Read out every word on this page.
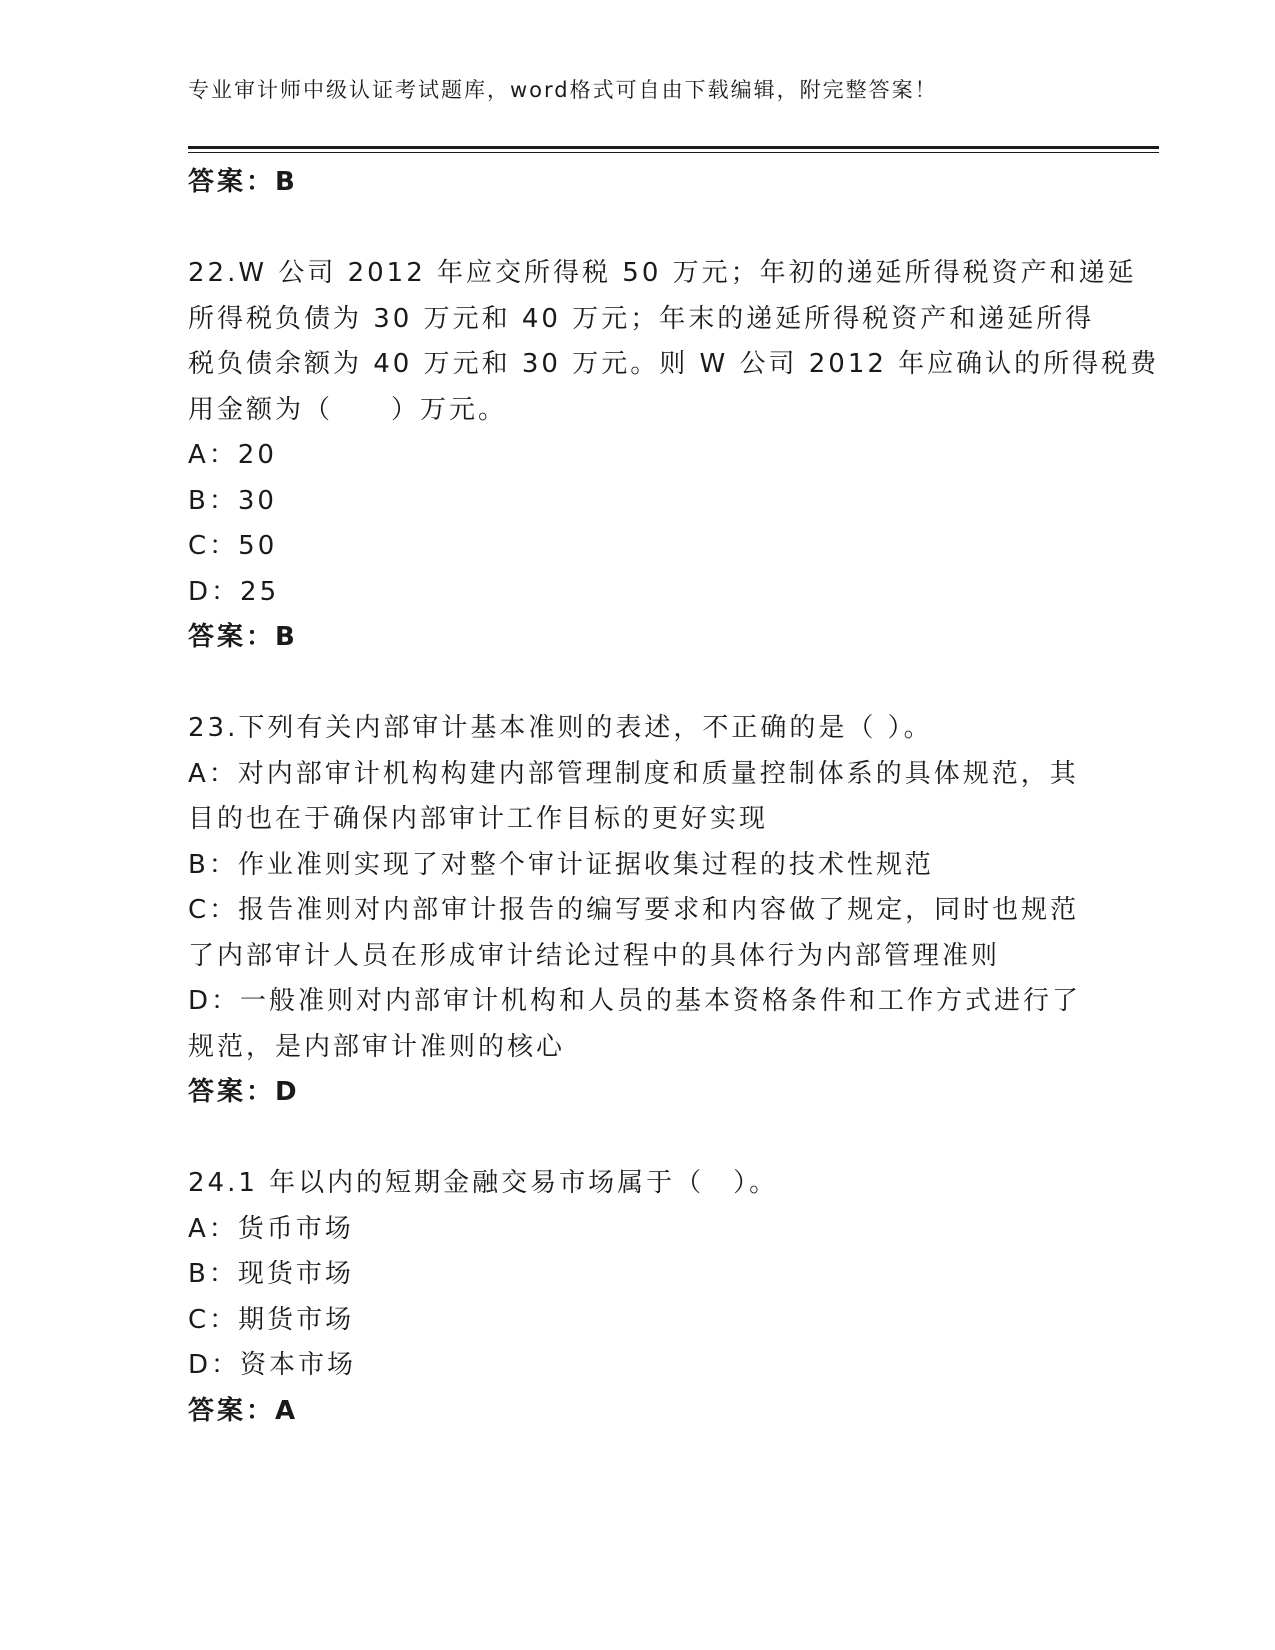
专业审计师中级认证考试题库，word格式可自由下载编辑，附完整答案！

答案：B

22.W 公司 2012 年应交所得税 50 万元；年初的递延所得税资产和递延

所得税负债为 30 万元和 40 万元；年末的递延所得税资产和递延所得

税负债余额为 40 万元和 30 万元。则 W 公司 2012 年应确认的所得税费

用金额为（　　）万元。

A：20

B：30

C：50

D：25

答案：B

23.下列有关内部审计基本准则的表述，不正确的是（ ）。

A：对内部审计机构构建内部管理制度和质量控制体系的具体规范，其

目的也在于确保内部审计工作目标的更好实现

B：作业准则实现了对整个审计证据收集过程的技术性规范

C：报告准则对内部审计报告的编写要求和内容做了规定，同时也规范

了内部审计人员在形成审计结论过程中的具体行为内部管理准则

D：一般准则对内部审计机构和人员的基本资格条件和工作方式进行了

规范，是内部审计准则的核心

答案：D

24.1 年以内的短期金融交易市场属于（　）。

A：货币市场

B：现货市场

C：期货市场

D：资本市场

答案：A
